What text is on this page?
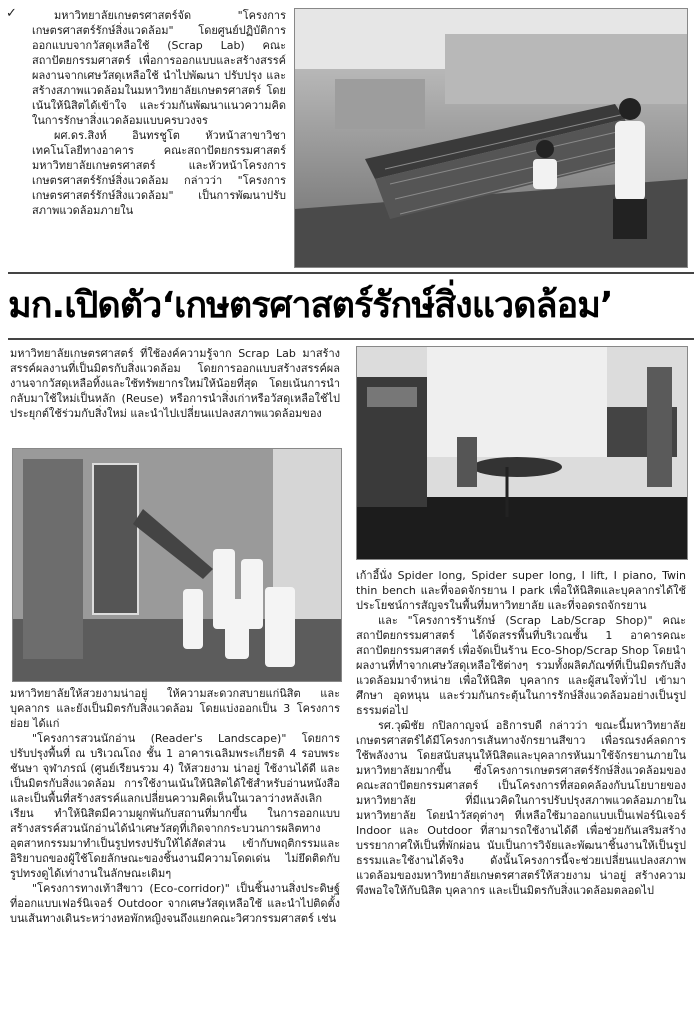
✓	มหาวิทยาลัยเกษตรศาสตร์จัด "โครงการเกษตรศาสตร์รักษ์สิ่งแวดล้อม" โดยศูนย์ปฏิบัติการออกแบบจากวัสดุเหลือใช้ (Scrap Lab) คณะสถาปัตยกรรมศาสตร์ เพื่อการออกแบบและสร้างสรรค์ผลงานจากเศษวัสดุเหลือใช้ นำไปพัฒนา ปรับปรุง และสร้างสภาพแวดล้อมในมหาวิทยาลัยเกษตรศาสตร์ โดยเน้นให้นิสิตได้เข้าใจ และร่วมกันพัฒนาแนวความคิดในการรักษาสิ่งแวดล้อมแบบครบวงจร

ผศ.ดร.สิงห์ อินทรชูโต หัวหน้าสาขาวิชาเทคโนโลยีทางอาคาร คณะสถาปัตยกรรมศาสตร์ มหาวิทยาลัยเกษตรศาสตร์ และหัวหน้าโครงการเกษตรศาสตร์รักษ์สิ่งแวดล้อม กล่าวว่า "โครงการเกษตรศาสตร์รักษ์สิ่งแวดล้อม" เป็นการพัฒนาปรับสภาพแวดล้อมภายใน

มก.เปิดตัว‘เกษตรศาสตร์รักษ์สิ่งแวดล้อม’

มหาวิทยาลัยเกษตรศาสตร์ ที่ใช้องค์ความรู้จาก Scrap Lab มาสร้างสรรค์ผลงานที่เป็นมิตรกับสิ่งแวดล้อม โดยการออกแบบสร้างสรรค์ผลงานจากวัสดุเหลือทิ้งและใช้ทรัพยากรใหม่ให้น้อยที่สุด โดยเน้นการนำกลับมาใช้ใหม่เป็นหลัก (Reuse) หรือการนำสิ่งเก่าหรือวัสดุเหลือใช้ไปประยุกต์ใช้ร่วมกับสิ่งใหม่ และนำไปเปลี่ยนแปลงสภาพแวดล้อมของ

มหาวิทยาลัยให้สวยงามน่าอยู่ ให้ความสะดวกสบายแก่นิสิต และบุคลากร และยังเป็นมิตรกับสิ่งแวดล้อม โดยแบ่งออกเป็น 3 โครงการย่อย ได้แก่

"โครงการสวนนักอ่าน (Reader's Landscape)" โดยการปรับปรุงพื้นที่ ณ บริเวณโถง ชั้น 1 อาคารเฉลิมพระเกียรติ 4 รอบพระชันษา จุฬาภรณ์ (ศูนย์เรียนรวม 4) ให้สวยงาม น่าอยู่ ใช้งานได้ดี และเป็นมิตรกับสิ่งแวดล้อม การใช้งานเน้นให้นิสิตได้ใช้สำหรับอ่านหนังสือ และเป็นพื้นที่สร้างสรรค์แลกเปลี่ยนความคิดเห็นในเวลาว่างหลังเลิกเรียน ทำให้นิสิตมีความผูกพันกับสถานที่มากขึ้น ในการออกแบบสร้างสรรค์สวนนักอ่านได้นำเศษวัสดุที่เกิดจากกระบวนการผลิตทางอุตสาหกรรมมาทำเป็นรูปทรงปรับให้ได้สัดส่วน เข้ากับพฤติกรรมและอิริยาบถของผู้ใช้โดยลักษณะของชิ้นงานมีความโดดเด่น ไม่ยึดติดกับรูปทรงดูได้เท่างานในลักษณะเดิมๆ

"โครงการทางเท้าสีขาว (Eco-corridor)" เป็นชิ้นงานสิ่งประดิษฐ์ที่ออกแบบเฟอร์นิเจอร์ Outdoor จากเศษวัสดุเหลือใช้ และนำไปติดตั้งบนเส้นทางเดินระหว่างหอพักหญิงจนถึงแยกคณะวิศวกรรมศาสตร์ เช่น

เก้าอี้นั่ง Spider long, Spider super long, I lift, I piano, Twin thin bench และที่จอดจักรยาน I park เพื่อให้นิสิตและบุคลากรได้ใช้ประโยชน์การสัญจรในพื้นที่มหาวิทยาลัย และที่จอดรถจักรยาน

และ "โครงการร้านรักษ์ (Scrap Lab/Scrap Shop)" คณะสถาปัตยกรรมศาสตร์ ได้จัดสรรพื้นที่บริเวณชั้น 1 อาคารคณะสถาปัตยกรรมศาสตร์ เพื่อจัดเป็นร้าน Eco-Shop/Scrap Shop โดยนำผลงานที่ทำจากเศษวัสดุเหลือใช้ต่างๆ รวมทั้งผลิตภัณฑ์ที่เป็นมิตรกับสิ่งแวดล้อมมาจำหน่าย เพื่อให้นิสิต บุคลากร และผู้สนใจทั่วไป เข้ามาศึกษา อุดหนุน และร่วมกันกระตุ้นในการรักษ์สิ่งแวดล้อมอย่างเป็นรูปธรรมต่อไป

รศ.วุฒิชัย กปิลกาญจน์ อธิการบดี กล่าวว่า ขณะนี้มหาวิทยาลัยเกษตรศาสตร์ได้มีโครงการเส้นทางจักรยานสีขาว เพื่อรณรงค์ลดการใช้พลังงาน โดยสนับสนุนให้นิสิตและบุคลากรหันมาใช้จักรยานภายในมหาวิทยาลัยมากขึ้น ซึ่งโครงการเกษตรศาสตร์รักษ์สิ่งแวดล้อมของคณะสถาปัตยกรรมศาสตร์ เป็นโครงการที่สอดคล้องกับนโยบายของมหาวิทยาลัย ที่มีแนวคิดในการปรับปรุงสภาพแวดล้อมภายในมหาวิทยาลัย โดยนำวัสดุต่างๆ ที่เหลือใช้มาออกแบบเป็นเฟอร์นิเจอร์ Indoor และ Outdoor ที่สามารถใช้งานได้ดี เพื่อช่วยกันเสริมสร้างบรรยากาศให้เป็นที่พักผ่อน นับเป็นการวิจัยและพัฒนาชิ้นงานให้เป็นรูปธรรมและใช้งานได้จริง ดังนั้นโครงการนี้จะช่วยเปลี่ยนแปลงสภาพแวดล้อมของมหาวิทยาลัยเกษตรศาสตร์ให้สวยงาม น่าอยู่ สร้างความพึงพอใจให้กับนิสิต บุคลากร และเป็นมิตรกับสิ่งแวดล้อมตลอดไป
